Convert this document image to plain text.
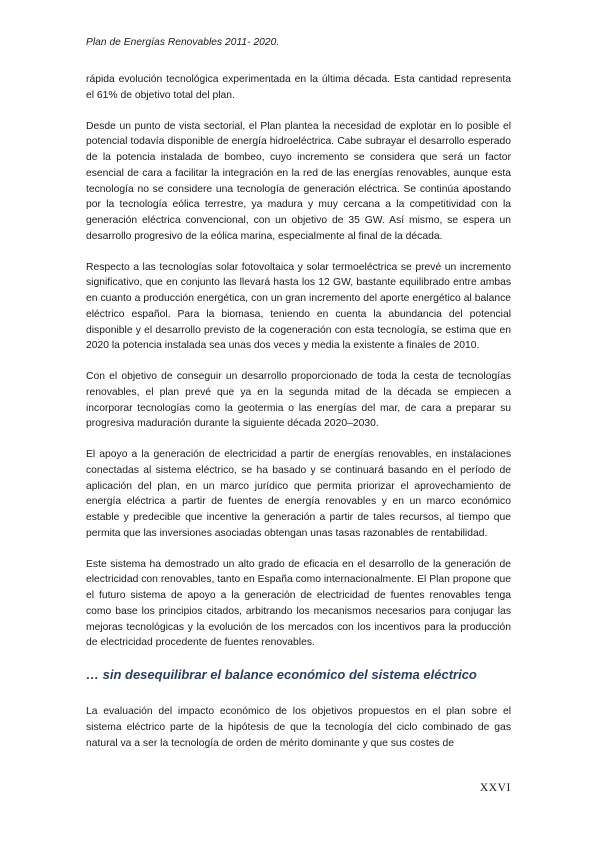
Plan de Energías Renovables 2011- 2020.

rápida evolución tecnológica experimentada en la última década. Esta cantidad representa el 61% de objetivo total del plan.

Desde un punto de vista sectorial, el Plan plantea la necesidad de explotar en lo posible el potencial todavía disponible de energía hidroeléctrica. Cabe subrayar el desarrollo esperado de la potencia instalada de bombeo, cuyo incremento se considera que será un factor esencial de cara a facilitar la integración en la red de las energías renovables, aunque esta tecnología no se considere una tecnología de generación eléctrica. Se continúa apostando por la tecnología eólica terrestre, ya madura y muy cercana a la competitividad con la generación eléctrica convencional, con un objetivo de 35 GW. Así mismo, se espera un desarrollo progresivo de la eólica marina, especialmente al final de la década.

Respecto a las tecnologías solar fotovoltaica y solar termoeléctrica se prevé un incremento significativo, que en conjunto las llevará hasta los 12 GW, bastante equilibrado entre ambas en cuanto a producción energética, con un gran incremento del aporte energético al balance eléctrico español. Para la biomasa, teniendo en cuenta la abundancia del potencial disponible y el desarrollo previsto de la cogeneración con esta tecnología, se estima que en 2020 la potencia instalada sea unas dos veces y media la existente a finales de 2010.

Con el objetivo de conseguir un desarrollo proporcionado de toda la cesta de tecnologías renovables, el plan prevé que ya en la segunda mitad de la década se empiecen a incorporar tecnologías como la geotermia o las energías del mar, de cara a preparar su progresiva maduración durante la siguiente década 2020–2030.

El apoyo a la generación de electricidad a partir de energías renovables, en instalaciones conectadas al sistema eléctrico, se ha basado y se continuará basando en el período de aplicación del plan, en un marco jurídico que permita priorizar el aprovechamiento de energía eléctrica a partir de fuentes de energía renovables y en un marco económico estable y predecible que incentive la generación a partir de tales recursos, al tiempo que permita que las inversiones asociadas obtengan unas tasas razonables de rentabilidad.

Este sistema ha demostrado un alto grado de eficacia en el desarrollo de la generación de electricidad con renovables, tanto en España como internacionalmente. El Plan propone que el futuro sistema de apoyo a la generación de electricidad de fuentes renovables tenga como base los principios citados, arbitrando los mecanismos necesarios para conjugar las mejoras tecnológicas y la evolución de los mercados con los incentivos para la producción de electricidad procedente de fuentes renovables.

… sin desequilibrar el balance económico del sistema eléctrico

La evaluación del impacto económico de los objetivos propuestos en el plan sobre el sistema eléctrico parte de la hipótesis de que la tecnología del ciclo combinado de gas natural va a ser la tecnología de orden de mérito dominante y que sus costes de

XXVI
